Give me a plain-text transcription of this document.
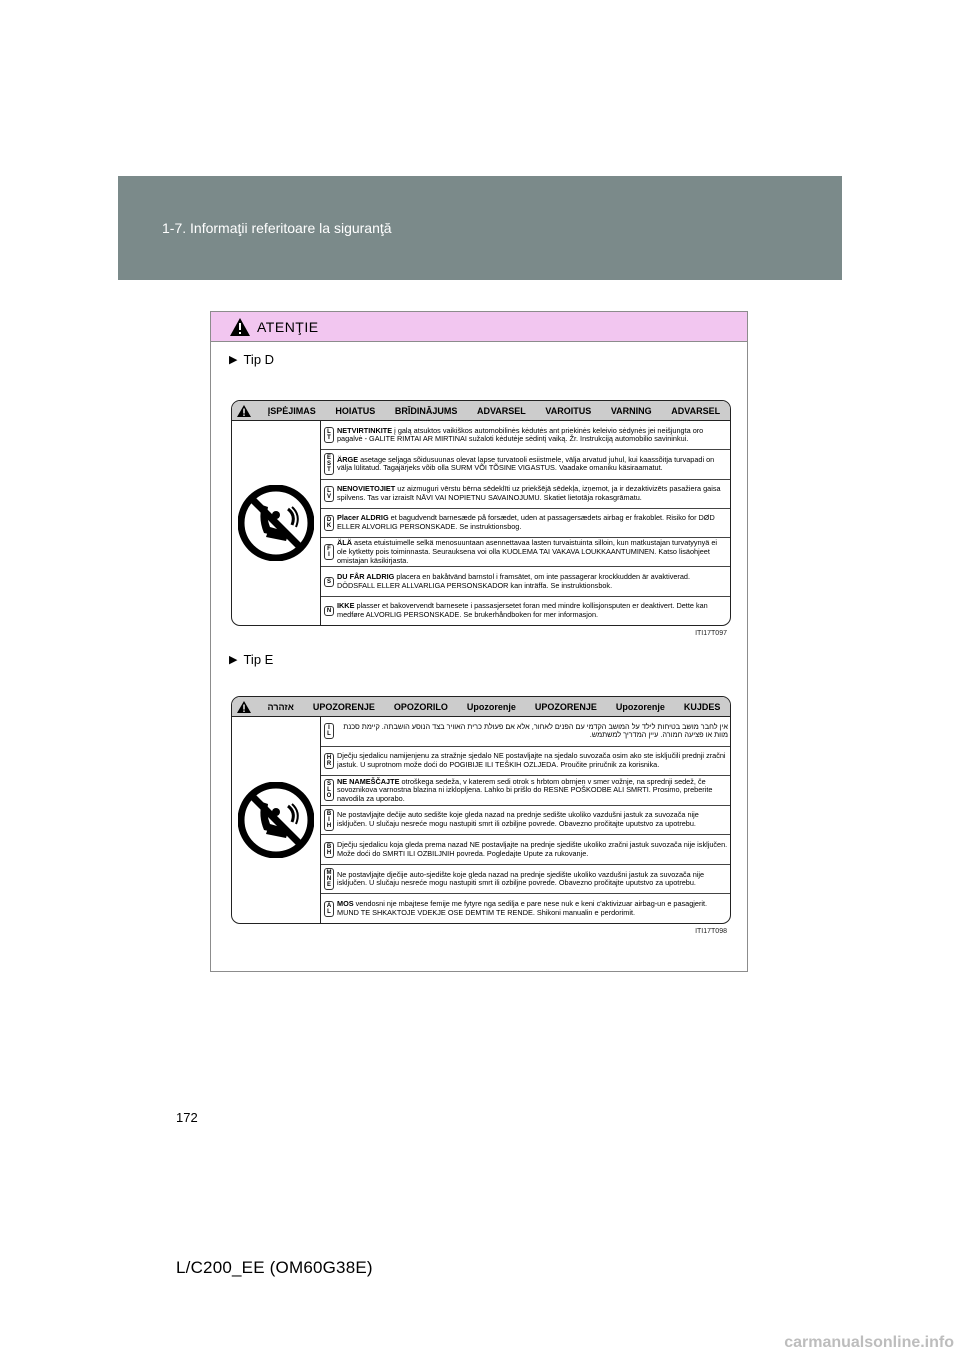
1-7. Informaţii referitoare la siguranţă
ATENŢIE
▶ Tip D
ĮSPĖJIMAS HOIATUS BRĪDINĀJUMS ADVARSEL VAROITUS VARNING ADVARSEL
L
T
NETVIRTINKITE į galą atsuktos vaikiškos automobilinės kėdutės ant priekinės keleivio sėdynės jei neišjungta oro pagalvė - GALITE RIMTAI AR MIRTINAI sužaloti kėdutėje sėdintį vaiką. Žr. Instrukciją automobilio savininkui.
E
S
T
ÄRGE asetage seljaga sõidusuunas olevat lapse turvatooli esiistmele, välja arvatud juhul, kui kaassõitja turvapadi on välja lülitatud. Tagajärjeks võib olla SURM VÕI TÕSINE VIGASTUS. Vaadake omaniku käsiraamatut.
L
V
NENOVIETOJIET uz aizmuguri vērstu bērna sēdeklīti uz priekšējā sēdekļa, izņemot, ja ir dezaktivizēts pasažiera gaisa spilvens. Tas var izraisīt NĀVI VAI NOPIETNU SAVAINOJUMU. Skatiet lietotāja rokasgrāmatu.
D
K
Placer ALDRIG et bagudvendt barnesæde på forsædet, uden at passagersædets airbag er frakoblet. Risiko for DØD ELLER ALVORLIG PERSONSKADE. Se instruktionsbog.
F
I
ÄLÄ aseta etuistuimelle selkä menosuuntaan asennettavaa lasten turvaistuinta silloin, kun matkustajan turvatyynyä ei ole kytketty pois toiminnasta. Seurauksena voi olla KUOLEMA TAI VAKAVA LOUKKAANTUMINEN. Katso lisäohjeet omistajan käsikirjasta.
S
DU FÅR ALDRIG placera en bakåtvänd barnstol i framsätet, om inte passagerar krockkudden är avaktiverad. DÖDSFALL ELLER ALLVARLIGA PERSONSKADOR kan inträffa. Se instruktionsbok.
N
IKKE plasser et bakovervendt barnesete i passasjersetet foran med mindre kollisjonsputen er deaktivert. Dette kan medføre ALVORLIG PERSONSKADE. Se brukerhåndboken for mer informasjon.
ITI17T097
▶ Tip E
אזהרה UPOZORENJE OPOZORILO Upozorenje UPOZORENJE Upozorenje KUJDES
I
L
אין לחבר מושב בטיחות לילד על המושב הקדמי עם הפנים לאחור, אלא אם פעולת כרית האוויר בצד הנוסע הושבתה. קיימת סכנת מוות או פציעה חמורה. עיין המדריך למשתמש.
H
R
Dječju sjedalicu namijenjenu za stražnje sjedalo NE postavljajte na sjedalo suvozača osim ako ste isključili prednji zračni jastuk. U suprotnom može doći do POGIBIJE ILI TEŠKIH OZLJEDA. Proučite priručnik za korisnika.
S
L
O
NE NAMEŠČAJTE otroškega sedeža, v katerem sedi otrok s hrbtom obrnjen v smer vožnje, na sprednji sedež, če sovoznikova varnostna blazina ni izklopljena. Lahko bi prišlo do RESNE POŠKODBE ALI SMRTI. Prosimo, preberite navodila za uporabo.
B
I
H
Ne postavljajte dečije auto sedište koje gleda nazad na prednje sedište ukoliko vazdušni jastuk za suvozača nije isključen. U slučaju nesreće mogu nastupiti smrt ili ozbiljne povrede. Obavezno pročitajte uputstvo za upotrebu.
B
H
Dječju sjedalicu koja gleda prema nazad NE postavljajte na prednje sjedište ukoliko zračni jastuk suvozača nije isključen. Može doći do SMRTI ILI OZBILJNIH povreda. Pogledajte Upute za rukovanje.
M
N
E
Ne postavljajte dječije auto-sjedište koje gleda nazad na prednje sjedište ukoliko vazdušni jastuk za suvozača nije isključen. U slučaju nesreće mogu nastupiti smrt ili ozbiljne povrede. Obavezno pročitajte uputstvo za upotrebu.
A
L
MOS vendosni nje mbajtese femije me fytyre nga sedilja e pare nese nuk e keni c'aktivizuar airbag-un e pasagjerit. MUND TE SHKAKTOJE VDEKJE OSE DEMTIM TE RENDE. Shikoni manualin e perdorimit.
ITI17T098
172
L/C200_EE (OM60G38E)
carmanualsonline.info
